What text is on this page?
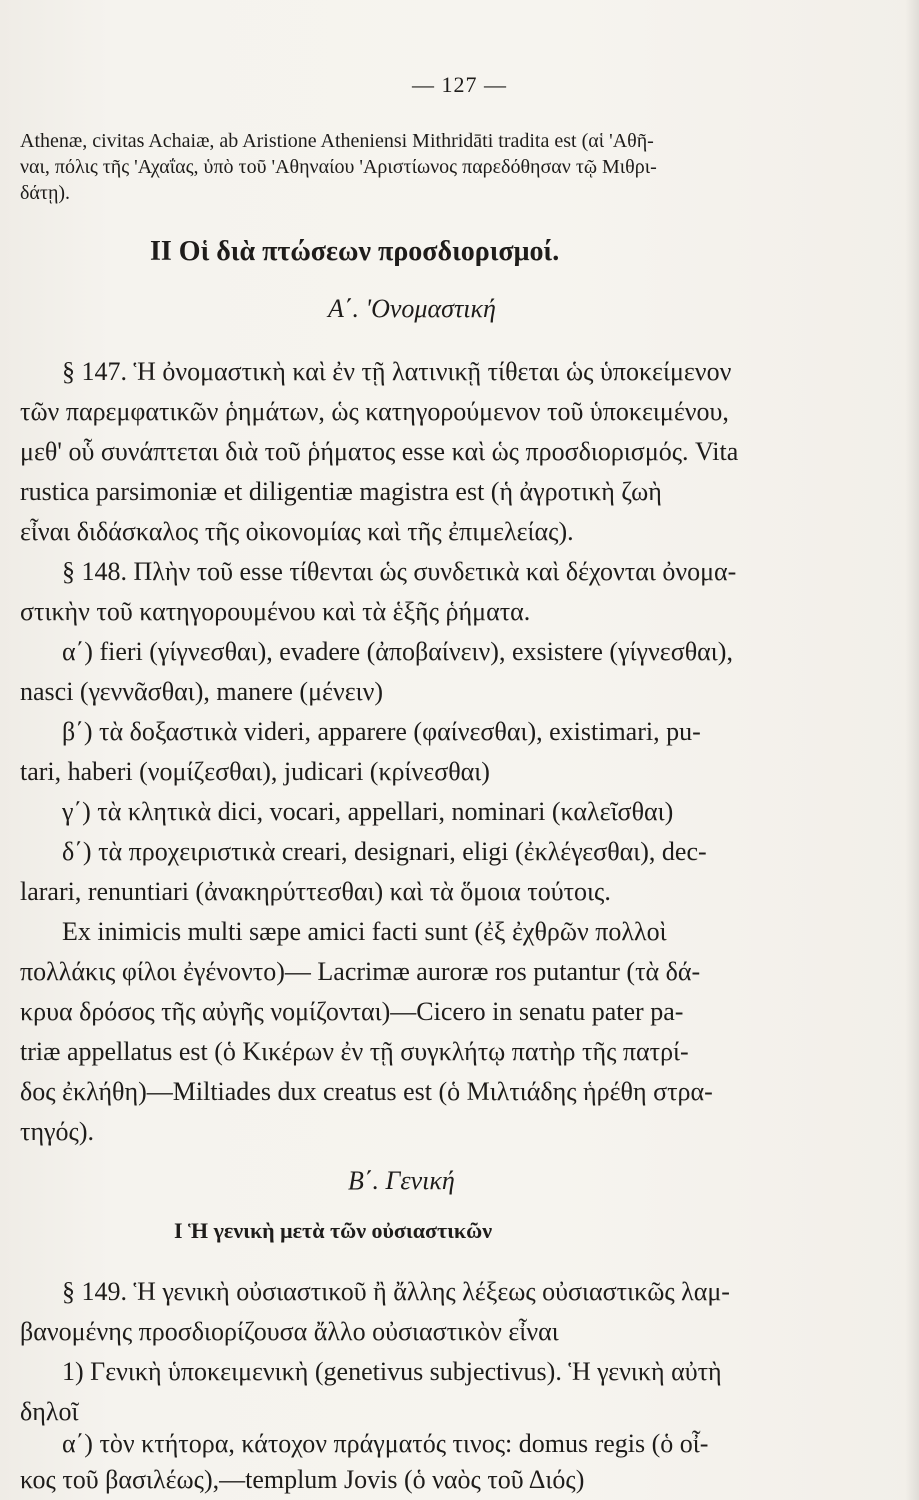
— 127 —
Athenæ, civitas Achaiæ, ab Aristione Atheniensi Mithridāti tradita est (αἱ 'Αθῆ-
ναι, πόλις τῆς 'Αχαΐας, ὑπὸ τοῦ 'Αθηναίου 'Αριστίωνος παρεδόθησαν τῷ Μιθρι-
δάτῃ).
ΙΙ Οἱ διὰ πτώσεων προσδιορισμοί.
Α΄. 'Ονομαστική
§ 147. Ἡ ὀνομαστικὴ καὶ ἐν τῇ λατινικῇ τίθεται ὡς ὑποκείμενον
τῶν παρεμφατικῶν ῥημάτων, ὡς κατηγορούμενον τοῦ ὑποκειμένου,
μεθ' οὗ συνάπτεται διὰ τοῦ ῥήματος esse καὶ ὡς προσδιορισμός. Vita
rustica parsimoniæ et diligentiæ magistra est (ἡ ἀγροτικὴ ζωὴ
εἶναι διδάσκαλος τῆς οἰκονομίας καὶ τῆς ἐπιμελείας).
§ 148. Πλὴν τοῦ esse τίθενται ὡς συνδετικὰ καὶ δέχονται ὀνομα-
στικὴν τοῦ κατηγορουμένου καὶ τὰ ἑξῆς ῥήματα.
α΄) fieri (γίγνεσθαι), evadere (ἀποβαίνειν), exsistere (γίγνεσθαι),
nasci (γεννᾶσθαι), manere (μένειν)
β΄) τὰ δοξαστικὰ videri, apparere (φαίνεσθαι), existimari, pu-
tari, haberi (νομίζεσθαι), judicari (κρίνεσθαι)
γ΄) τὰ κλητικὰ dici, vocari, appellari, nominari (καλεῖσθαι)
δ΄) τὰ προχειριστικὰ creari, designari, eligi (ἐκλέγεσθαι), dec-
larari, renuntiari (ἀνακηρύττεσθαι) καὶ τὰ ὅμοια τούτοις.
Ex inimicis multi sæpe amici facti sunt (ἐξ ἐχθρῶν πολλοὶ
πολλάκις φίλοι ἐγένοντο)— Lacrimæ auroræ ros putantur (τὰ δά-
κρυα δρόσος τῆς αὐγῆς νομίζονται)—Cicero in senatu pater pa-
triæ appellatus est (ὁ Κικέρων ἐν τῇ συγκλήτῳ πατὴρ τῆς πατρί-
δος ἐκλήθη)—Miltiades dux creatus est (ὁ Μιλτιάδης ἡρέθη στρα-
τηγός).
Β΄. Γενική
Ι Ἡ γενικὴ μετὰ τῶν οὐσιαστικῶν
§ 149. Ἡ γενικὴ οὐσιαστικοῦ ἢ ἄλλης λέξεως οὐσιαστικῶς λαμ-
βανομένης προσδιορίζουσα ἄλλο οὐσιαστικὸν εἶναι
1) Γενικὴ ὑποκειμενικὴ (genetivus subjectivus). Ἡ γενικὴ αὐτὴ
δηλοῖ
α΄) τὸν κτήτορα, κάτοχον πράγματός τινος: domus regis (ὁ οἶ-
κος τοῦ βασιλέως),—templum Jovis (ὁ ναὸς τοῦ Διός)
